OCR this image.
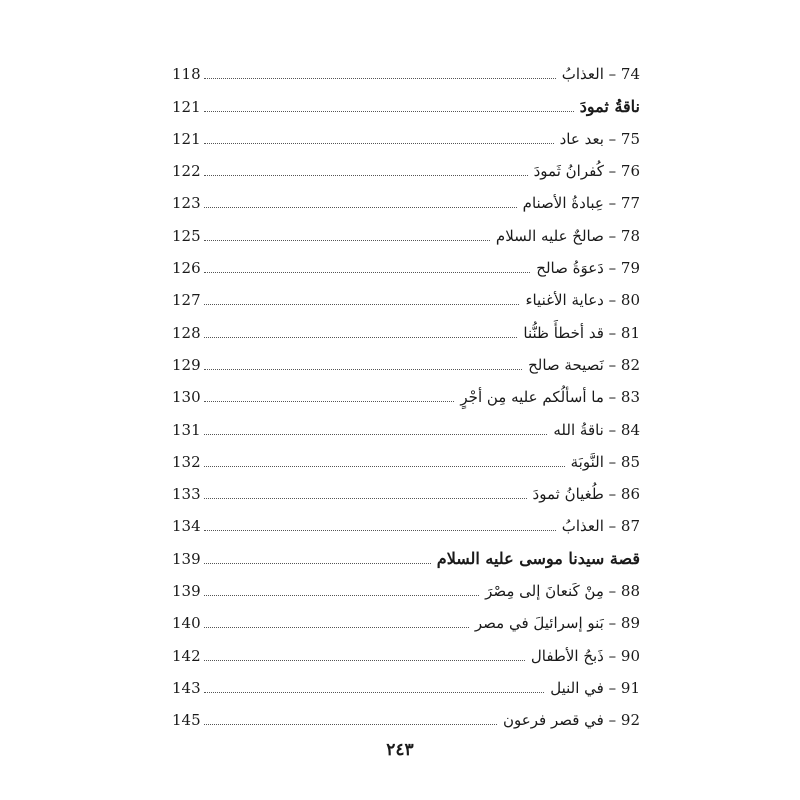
118	74 – العذابُ
121	ناقةُ ثمودَ
121	75 – بعد عاد
122	76 – كُفرانُ ثَمودَ
123	77 – عِبادةُ الأصنام
125	78 – صالحٌ عليه السلام
126	79 – دَعوَةُ صالح
127	80 – دعاية الأغنياء
128	81 – قد أخطأَ ظنُّنا
129	82 – نَصيحة صالح
130	83 – ما أسألُكم عليه مِن أجْرٍ
131	84 – ناقةُ الله
132	85 – النَّوبَة
133	86 – طُغيانُ ثمودَ
134	87 – العذابُ
139	قصة سيدنا موسى عليه السلام
139	88 – مِنْ كَنعانَ إلى مِصْرَ
140	89 – بَنو إسرائيلَ في مصر
142	90 – ذَبحُ الأطفال
143	91 – في النيل
145	92 – في قصر فرعون
٢٤٣
